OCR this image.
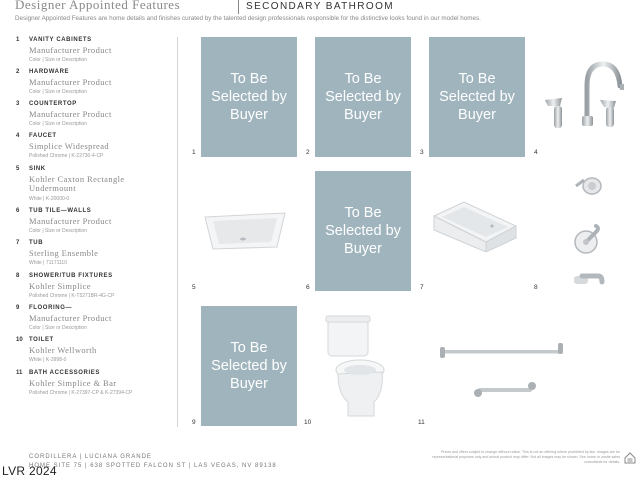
Designer Appointed Features	SECONDARY BATHROOM
Designer Appointed Features are home details and finishes curated by the talented design professionals responsible for the distinctive looks found in our model homes.
1 VANITY CABINETS
Manufacturer Product
Color | Size or Description
2 HARDWARE
Manufacturer Product
Color | Size or Description
3 COUNTERTOP
Manufacturer Product
Color | Size or Description
4 FAUCET
Simplice Widespread
Polished Chrome | K-22730-4-CP
5 SINK
Kohler Caxton Rectangle Undermount
White | K-20000-0
6 TUB TILE—WALLS
Manufacturer Product
Color | Size or Description
7 TUB
Sterling Ensemble
White | 71171110
8 SHOWER/TUB FIXTURES
Kohler Simplice
Polished Chrome | K-T5271BR-4G-CP
9 FLOORING—
Manufacturer Product
Color | Size or Description
10 TOILET
Kohler Wellworth
White | K-3998-0
11 BATH ACCESSORIES
Kohler Simplice & Bar
Polished Chrome | K-27397-CP & K-27394-CP
To Be Selected by Buyer
To Be Selected by Buyer
To Be Selected by Buyer
To Be Selected by Buyer
To Be Selected by Buyer
1	2	3	4
5	6	7	8
9	10	11
CORDILLERA | LUCIANA GRANDE
HOME SITE 75 | 638 SPOTTED FALCON ST | LAS VEGAS, NV 89138
Prices and offers subject to change without notice. This is not an offering where prohibited by law. Images are for representational purposes only and actual product may differ. Not all images may be shown. See home or onsite sales consultants for details.
LVR 2024
